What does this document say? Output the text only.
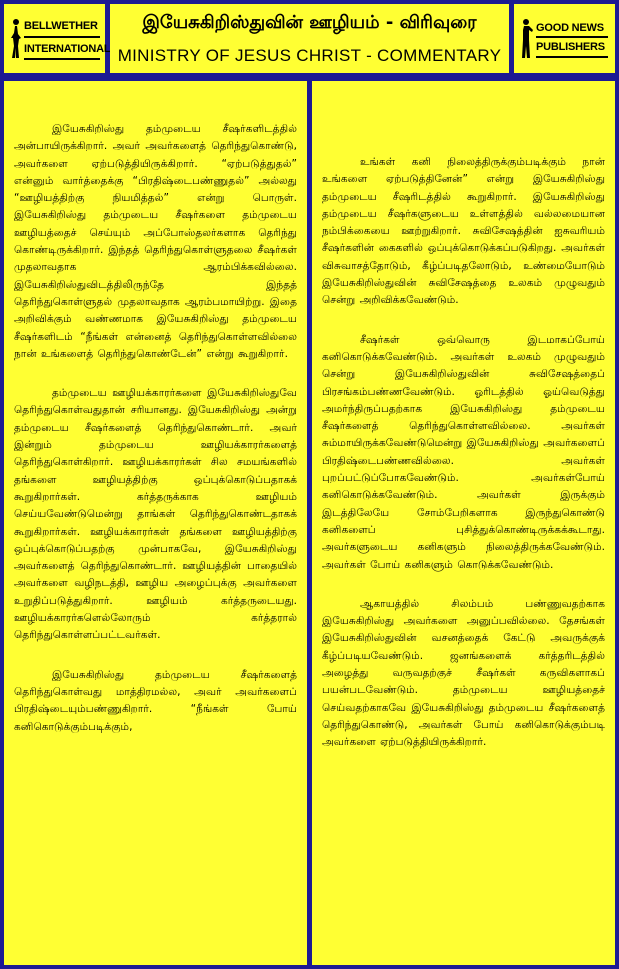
BELLWETHER
INTERNATIONAL
இயேசுகிறிஸ்துவின் ஊழியம் - விரிவுரை
MINISTRY OF JESUS CHRIST - COMMENTARY
GOOD NEWS
PUBLISHERS

இயேசுகிறிஸ்து தம்முடைய சீஷர்களிடத்தில் அன்பாயிருக்கிறார். அவர் அவர்களைத் தெரிந்துகொண்டு, அவர்களை ஏற்படுத்தியிருக்கிறார். “ஏற்படுத்துதல்” என்னும் வார்த்தைக்கு “பிரதிஷ்டைபண்ணுதல்” அல்லது “ஊழியத்திற்கு நியமித்தல்” என்று பொருள். இயேசுகிறிஸ்து தம்முடைய சீஷர்களை தம்முடைய ஊழியத்தைச் செய்யும் அப்போஸ்தலர்களாக தெரிந்து கொண்டிருக்கிறார். இந்தத் தெரிந்துகொள்ளுதலை சீஷர்கள் முதலாவதாக ஆரம்பிக்கவில்லை. இயேசுகிறிஸ்துவிடத்திலிருந்தே இந்தத் தெரிந்துகொள்ளுதல் முதலாவதாக ஆரம்பமாயிற்று. இதை அறிவிக்கும் வண்ணமாக இயேசுகிறிஸ்து தம்முடைய சீஷர்களிடம் “நீங்கள் என்னைத் தெரிந்துகொள்ளவில்லை நான் உங்களைத் தெரிந்துகொண்டேன்” என்று கூறுகிறார்.

தம்முடைய ஊழியக்காரர்களை இயேசுகிறிஸ்துவே தெரிந்துகொள்வதுதான் சரியானது. இயேசுகிறிஸ்து அன்று தம்முடைய சீஷர்களைத் தெரிந்துகொண்டார். அவர் இன்றும் தம்முடைய ஊழியக்காரர்களைத் தெரிந்துகொள்கிறார். ஊழியக்காரர்கள் சில சமயங்களில் தங்களை ஊழியத்திற்கு ஒப்புக்கொடுப்பதாகக் கூறுகிறார்கள். கர்த்தருக்காக ஊழியம் செய்யவேண்டுமென்று தாங்கள் தெரிந்துகொண்டதாகக் கூறுகிறார்கள். ஊழியக்காரர்கள் தங்களை ஊழியத்திற்கு ஒப்புக்கொடுப்பதற்கு முன்பாகவே, இயேசுகிறிஸ்து அவர்களைத் தெரிந்துகொண்டார். ஊழியத்தின் பாதையில் அவர்களை வழிநடத்தி, ஊழிய அழைப்புக்கு அவர்களை உறுதிப்படுத்துகிறார். ஊழியம் கர்த்தருடையது. ஊழியக்காரர்களெல்லோரும் கர்த்தரால் தெரிந்துகொள்ளப்பட்டவர்கள்.

இயேசுகிறிஸ்து தம்முடைய சீஷர்களைத் தெரிந்துகொள்வது மாத்திரமல்ல, அவர் அவர்களைப் பிரதிஷ்டையும்பண்ணுகிறார். “நீங்கள் போய் கனிகொடுக்கும்படிக்கும்,

உங்கள் கனி நிலைத்திருக்கும்படிக்கும் நான் உங்களை ஏற்படுத்தினேன்” என்று இயேசுகிறிஸ்து தம்முடைய சீஷரிடத்தில் கூறுகிறார். இயேசுகிறிஸ்து தம்முடைய சீஷர்களுடைய உள்ளத்தில் வல்லமையான நம்பிக்கையை ஊற்றுகிறார். சுவிசேஷத்தின் ஐசுவரியம் சீஷர்களின் கைகளில் ஒப்புக்கொடுக்கப்படுகிறது. அவர்கள் விசுவாசத்தோடும், கீழ்ப்படிதலோடும், உண்மையோடும் இயேசுகிறிஸ்துவின் சுவிசேஷத்தை உலகம் முழுவதும் சென்று அறிவிக்கவேண்டும்.

சீஷர்கள் ஒவ்வொரு இடமாகப்போய் கனிகொடுக்கவேண்டும். அவர்கள் உலகம் முழுவதும் சென்று இயேசுகிறிஸ்துவின் சுவிசேஷத்தைப் பிரசங்கம்பண்ணவேண்டும். ஓரிடத்தில் ஓய்வெடுத்து அமர்ந்திருப்பதற்காக இயேசுகிறிஸ்து தம்முடைய சீஷர்களைத் தெரிந்துகொள்ளவில்லை. அவர்கள் சும்மாயிருக்கவேண்டுமென்று இயேசுகிறிஸ்து அவர்களைப் பிரதிஷ்டைபண்ணவில்லை. அவர்கள் புறப்பட்டுப்போகவேண்டும். அவர்கள்போய் கனிகொடுக்கவேண்டும். அவர்கள் இருக்கும் இடத்திலேயே சோம்பேறிகளாக இருந்துகொண்டு கனிகளைப் புசித்துக்கொண்டிருக்கக்கூடாது. அவர்களுடைய கனிகளும் நிலைத்திருக்கவேண்டும். அவர்கள் போய் கனிகளும் கொடுக்கவேண்டும்.

ஆகாயத்தில் சிலம்பம் பண்ணுவதற்காக இயேசுகிறிஸ்து அவர்களை அனுப்பவில்லை. தேசங்கள் இயேசுகிறிஸ்துவின் வசனத்தைக் கேட்டு அவருக்குக் கீழ்ப்படியவேண்டும். ஜனங்களைக் கர்த்தரிடத்தில் அழைத்து வருவதற்குச் சீஷர்கள் கருவிகளாகப் பயன்படவேண்டும். தம்முடைய ஊழியத்தைச் செய்வதற்காகவே இயேசுகிறிஸ்து தம்முடைய சீஷர்களைத் தெரிந்துகொண்டு, அவர்கள் போய் கனிகொடுக்கும்படி அவர்களை ஏற்படுத்தியிருக்கிறார்.
